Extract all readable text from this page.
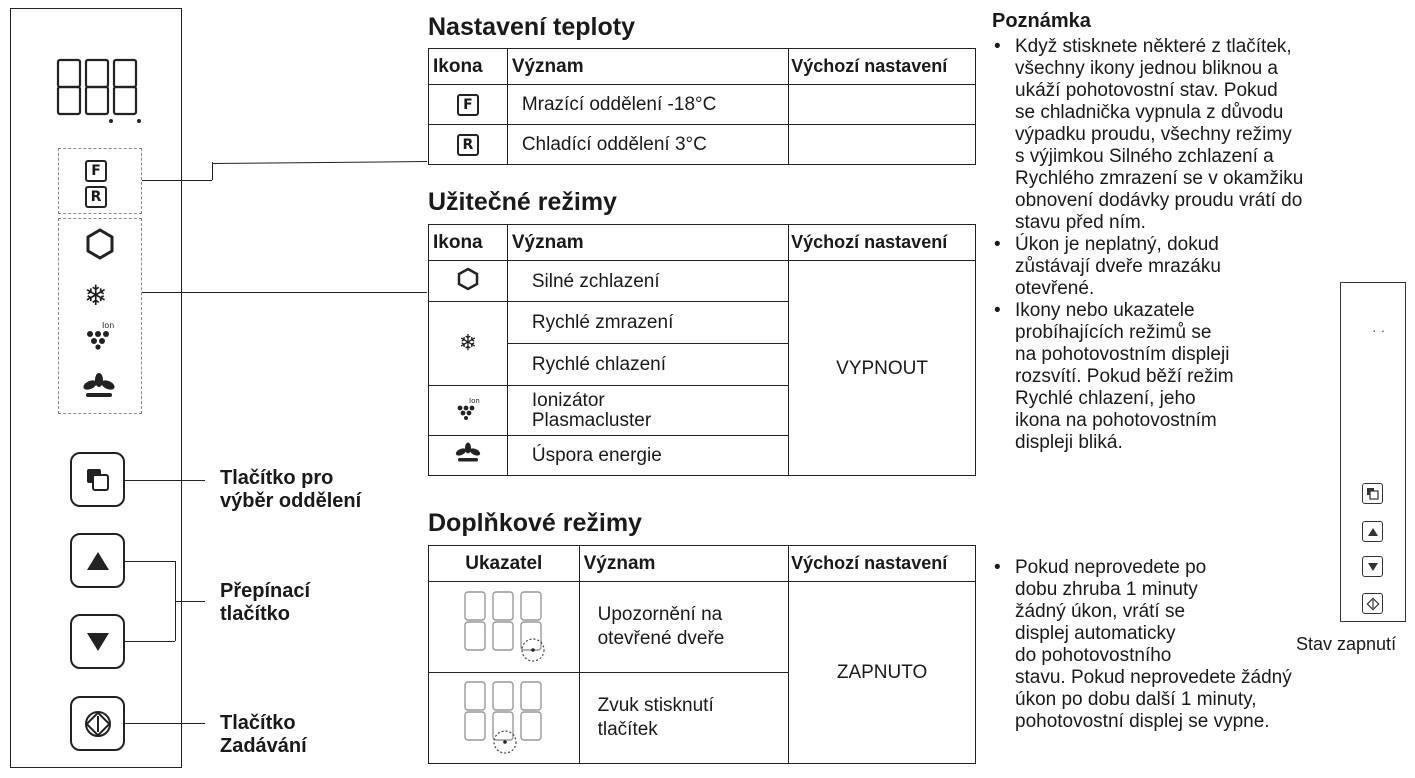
F
R
❄
Ion
Tlačítko pro
výběr oddělení
Přepínací
tlačítko
Tlačítko
Zadávání
Nastavení teploty
Ikona	Význam	Výchozí nastavení
F	Mrazící oddělení -18°C	
R	Chladící oddělení 3°C	
Užitečné režimy
Ikona	Význam	Výchozí nastavení
	Silné zchlazení	VYPNOUT
❄	Rychlé zmrazení	
	Rychlé chlazení	

Ion	Ionizátor
Plasmacluster	

	Úspora energie	
Doplňkové režimy
Ukazatel	Význam	Výchozí nastavení

Upozornění na
otevřené dveře	ZAPNUTO

Zvuk stisknutí
tlačítek	
Poznámka
• Když stisknete některé z tlačítek,
všechny ikony jednou bliknou a
ukáží pohotovostní stav. Pokud
se chladnička vypnula z důvodu
výpadku proudu, všechny režimy
s výjimkou Silného zchlazení a
Rychlého zmrazení se v okamžiku
obnovení dodávky proudu vrátí do
stavu před ním.
• Úkon je neplatný, dokud
zůstávají dveře mrazáku
otevřené.
• Ikony nebo ukazatele
probíhajících režimů se
na pohotovostním displeji
rozsvítí. Pokud běží režim
Rychlé chlazení, jeho
ikona na pohotovostním
displeji bliká.
• Pokud neprovedete po
dobu zhruba 1 minuty
žádný úkon, vrátí se
displej automaticky
do pohotovostního
stavu. Pokud neprovedete žádný
úkon po dobu další 1 minuty,
pohotovostní displej se vypne.
··
Stav zapnutí
